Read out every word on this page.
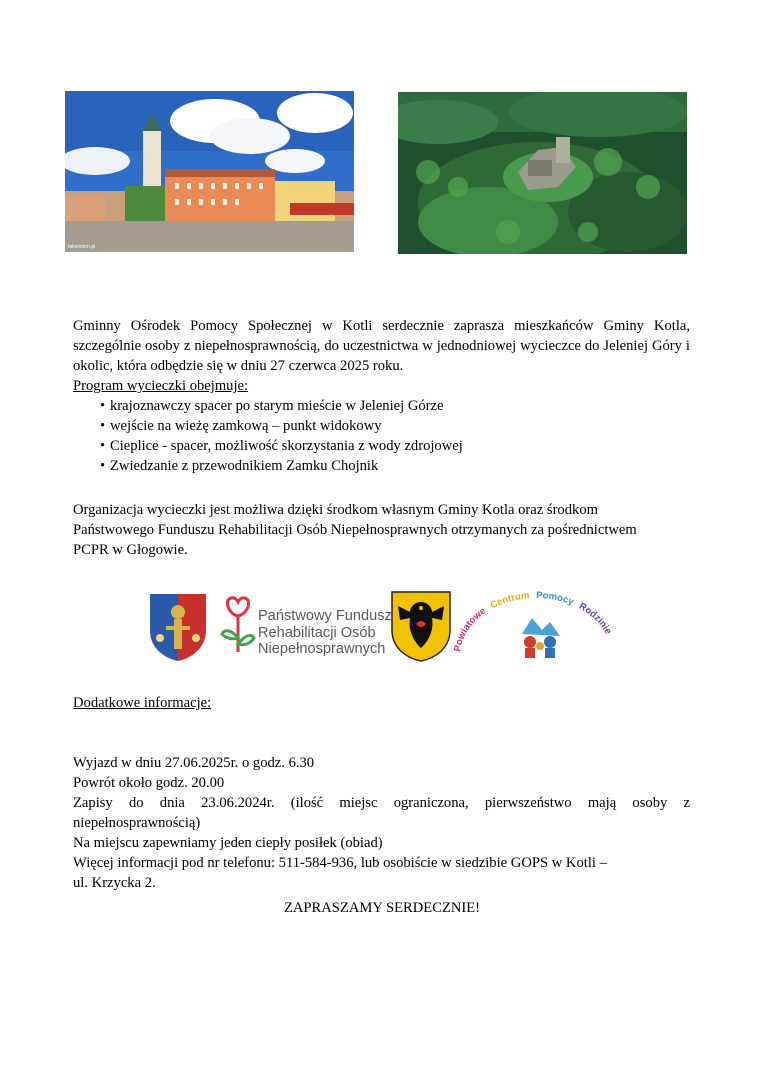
fakeintern.pl

Gminny Ośrodek Pomocy Społecznej w Kotli serdecznie zaprasza mieszkańców Gminy Kotla, szczególnie osoby z niepełnosprawnością, do uczestnictwa w jednodniowej wycieczce do Jeleniej Góry i okolic, która odbędzie się w dniu 27 czerwca 2025 roku.

Program wycieczki obejmuje:
• krajoznawczy spacer po starym mieście w Jeleniej Górze
• wejście na wieżę zamkową – punkt widokowy
• Cieplice - spacer, możliwość skorzystania z wody zdrojowej
• Zwiedzanie z przewodnikiem Zamku Chojnik

Organizacja wycieczki jest możliwa dzięki środkom własnym Gminy Kotla oraz środkom

Państwowego Funduszu Rehabilitacji Osób Niepełnosprawnych otrzymanych za pośrednictwem

PCPR w Głogowie.

Państwowy Fundusz
Rehabilitacji Osób
Niepełnosprawnych	Powiatowe Centrum Pomocy Rodzinie
Dodatkowe informacje:

Wyjazd w dniu 27.06.2025r. o godz. 6.30

Powrót około godz. 20.00

Zapisy do dnia 23.06.2024r. (ilość miejsc ograniczona, pierwszeństwo mają osoby z niepełnosprawnością)

Na miejscu zapewniamy jeden ciepły posiłek (obiad)

Więcej informacji pod nr telefonu: 511-584-936, lub osobiście w siedzibie GOPS w Kotli –

ul. Krzycka 2.

ZAPRASZAMY SERDECZNIE!
